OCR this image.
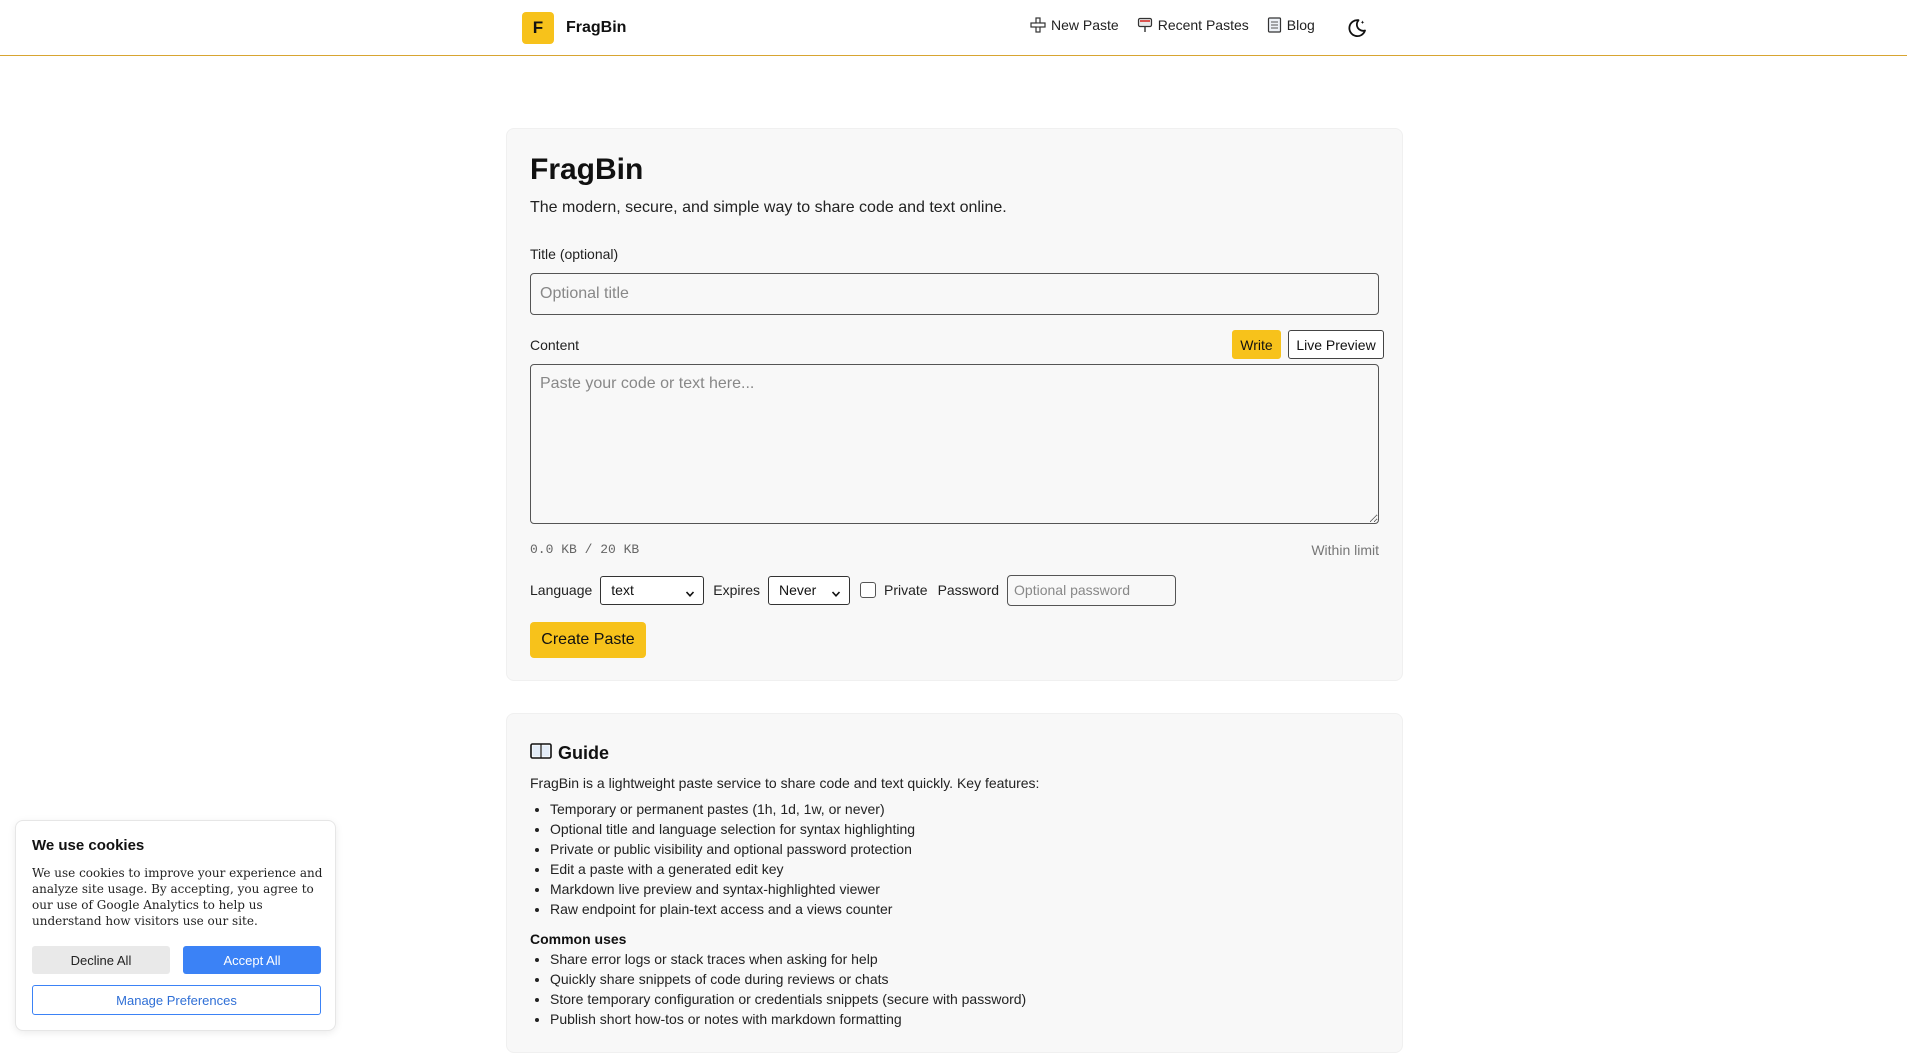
F	FragBin	New Paste	Recent Pastes	Blog
FragBin
The modern, secure, and simple way to share code and text online.
Title (optional)
Optional title
Content	Write	Live Preview
Paste your code or text here...
0.0 KB / 20 KB	Within limit
Language text	Expires Never	Private Password
Create Paste
Guide
FragBin is a lightweight paste service to share code and text quickly. Key features:
• Temporary or permanent pastes (1h, 1d, 1w, or never)
• Optional title and language selection for syntax highlighting
• Private or public visibility and optional password protection
• Edit a paste with a generated edit key
• Markdown live preview and syntax-highlighted viewer
• Raw endpoint for plain-text access and a views counter
Common uses
• Share error logs or stack traces when asking for help
• Quickly share snippets of code during reviews or chats
• Store temporary configuration or credentials snippets (secure with password)
• Publish short how-tos or notes with markdown formatting
We use cookies
We use cookies to improve your experience and analyze site usage. By accepting, you agree to our use of Google Analytics to help us understand how visitors use our site.
Decline All	Accept All
Manage Preferences
